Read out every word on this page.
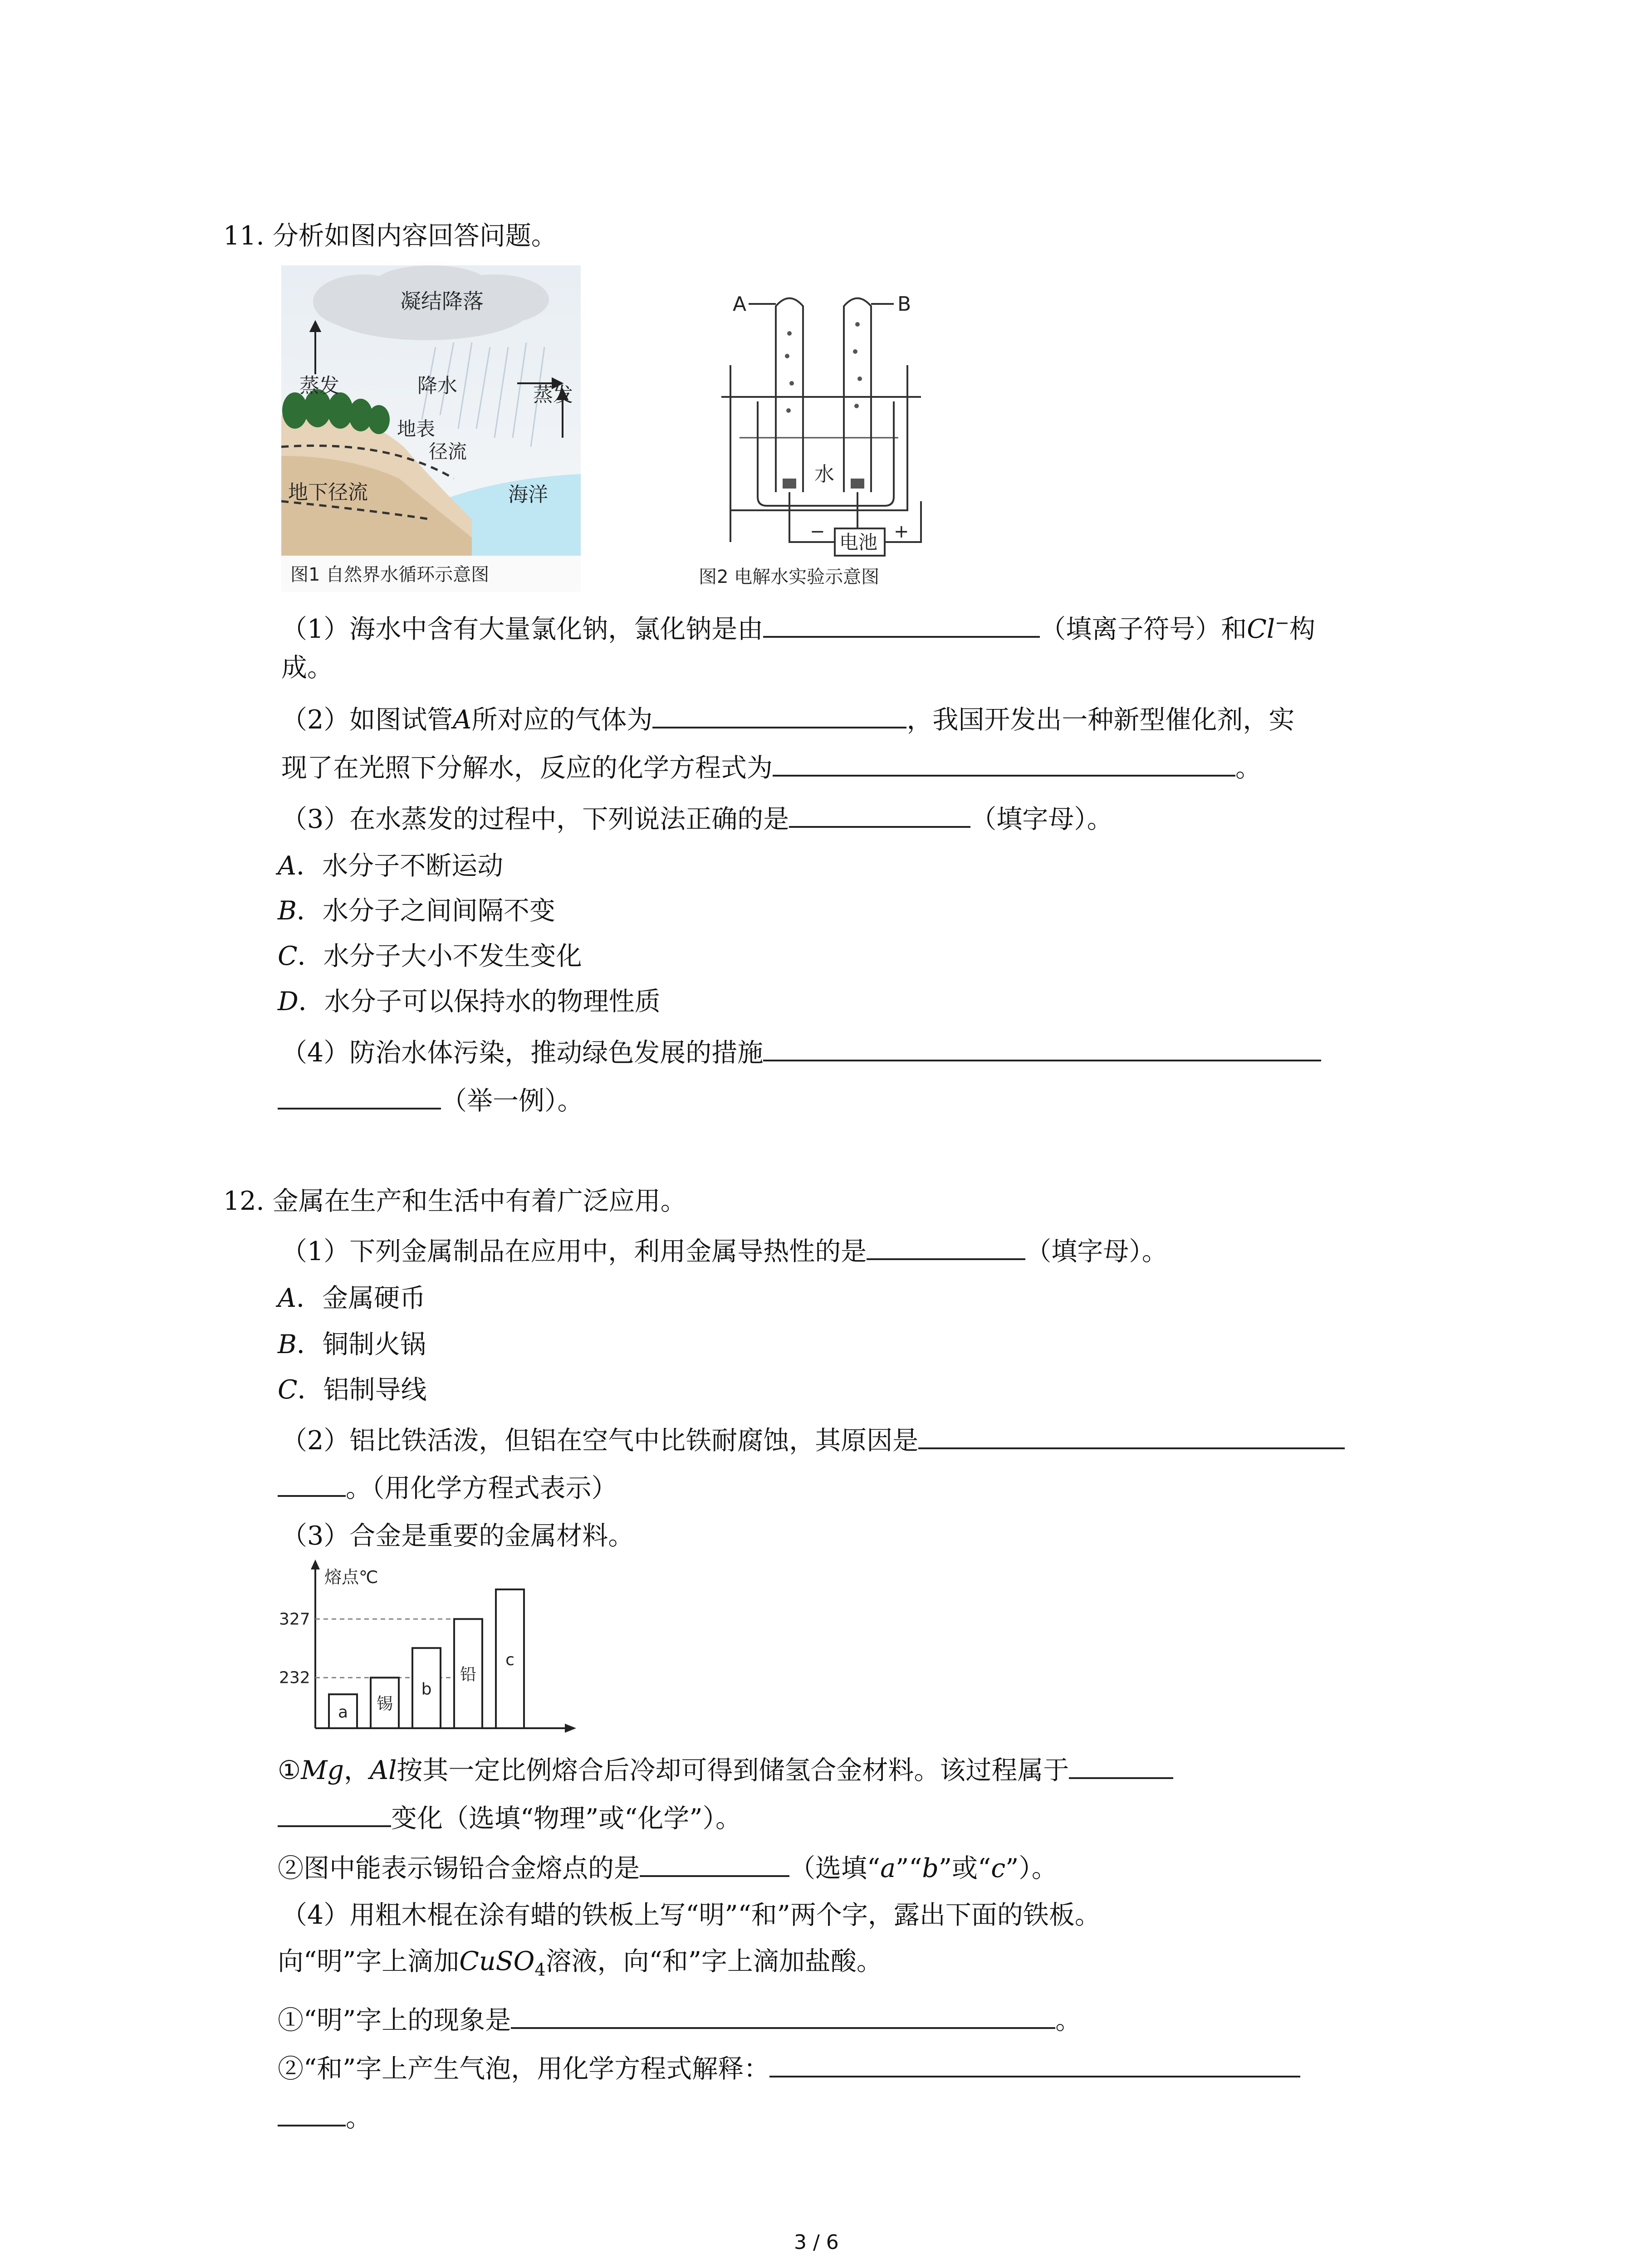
11. 分析如图内容回答问题。
凝结降落
蒸发	降水	蒸发
地表
径流
地下径流	海洋
图1 自然界水循环示意图
A	B
水
电池
−	+
图2 电解水实验示意图
（1）海水中含有大量氯化钠，氯化钠是由	（填离子符号）和Cl−构
成。
（2）如图试管A所对应的气体为	，我国开发出一种新型催化剂，实
现了在光照下分解水，反应的化学方程式为	。
（3）在水蒸发的过程中，下列说法正确的是	（填字母）。
A．水分子不断运动
B．水分子之间间隔不变
C．水分子大小不发生变化
D．水分子可以保持水的物理性质
（4）防治水体污染，推动绿色发展的措施
（举一例）。
12. 金属在生产和生活中有着广泛应用。
（1）下列金属制品在应用中，利用金属导热性的是	（填字母）。
A．金属硬币
B．铜制火锅
C．铝制导线
（2）铝比铁活泼，但铝在空气中比铁耐腐蚀，其原因是
。（用化学方程式表示）
（3）合金是重要的金属材料。
熔点℃
232
327
a 锡
b
铅
c
①Mg，Al按其一定比例熔合后冷却可得到储氢合金材料。该过程属于
变化（选填“物理”或“化学”）。
②图中能表示锡铅合金熔点的是	（选填“a”“b”或“c”）。
（4）用粗木棍在涂有蜡的铁板上写“明”“和”两个字，露出下面的铁板。
向“明”字上滴加CuSO$_4$溶液，向“和”字上滴加盐酸。
①“明”字上的现象是	。
②“和”字上产生气泡，用化学方程式解释：
。
3 / 6
